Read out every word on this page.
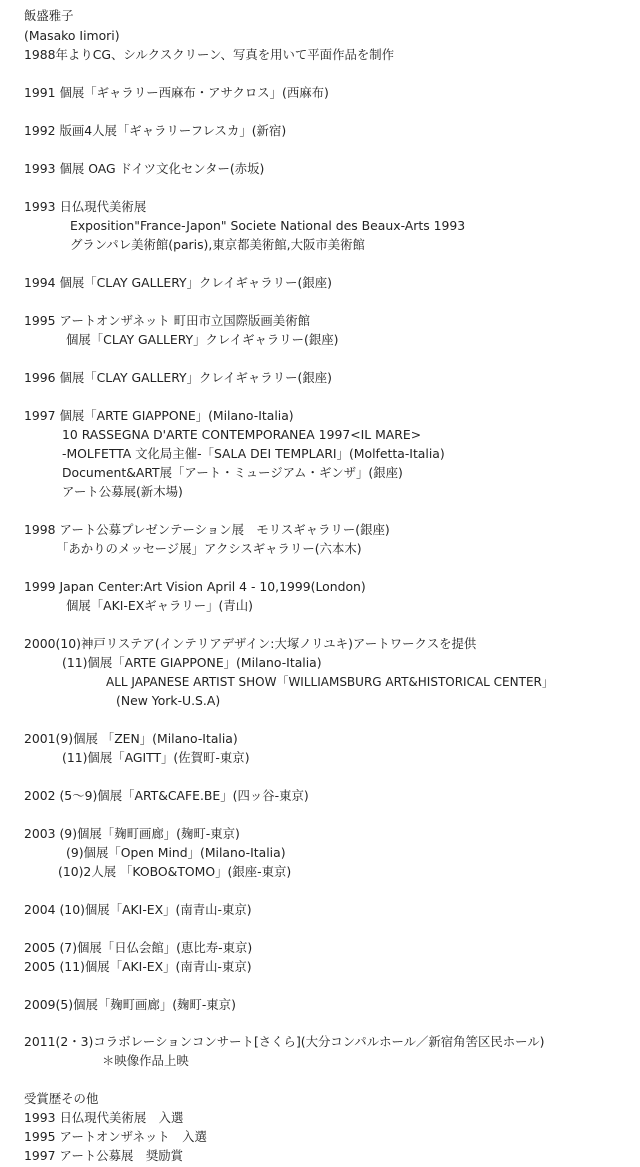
飯盛雅子
(Masako Iimori)
1988年よりCG、シルクスクリーン、写真を用いて平面作品を制作
1991 個展「ギャラリー西麻布・アサクロス」(西麻布)
1992 版画4人展「ギャラリーフレスカ」(新宿)
1993 個展 OAG ドイツ文化センター(赤坂)
1993 日仏現代美術展
Exposition"France-Japon" Societe National des Beaux-Arts 1993
グランパレ美術館(paris),東京都美術館,大阪市美術館
1994 個展「CLAY GALLERY」クレイギャラリー(銀座)
1995 アートオンザネット 町田市立国際版画美術館
個展「CLAY GALLERY」クレイギャラリー(銀座)
1996 個展「CLAY GALLERY」クレイギャラリー(銀座)
1997 個展「ARTE GIAPPONE」(Milano-Italia)
10 RASSEGNA D'ARTE CONTEMPORANEA 1997<IL MARE>
-MOLFETTA 文化局主催-「SALA DEI TEMPLARI」(Molfetta-Italia)
Document&ART展「アート・ミュージアム・ギンザ」(銀座)
アート公募展(新木場)
1998 アート公募プレゼンテーション展　モリスギャラリー(銀座)
「あかりのメッセージ展」アクシスギャラリー(六本木)
1999 Japan Center:Art Vision April 4 - 10,1999(London)
個展「AKI-EXギャラリー」(青山)
2000(10)神戸リステア(インテリアデザイン:大塚ノリユキ)アートワークスを提供
(11)個展「ARTE GIAPPONE」(Milano-Italia)
ALL JAPANESE ARTIST SHOW「WILLIAMSBURG ART&HISTORICAL CENTER」
(New York-U.S.A)
2001(9)個展 「ZEN」(Milano-Italia)
(11)個展「AGITT」(佐賀町-東京)
2002 (5～9)個展「ART&CAFE.BE」(四ッ谷-東京)
2003 (9)個展「麹町画廊」(麹町-東京)
(9)個展「Open Mind」(Milano-Italia)
(10)2人展 「KOBO&TOMO」(銀座-東京)
2004 (10)個展「AKI-EX」(南青山-東京)
2005 (7)個展「日仏会館」(恵比寿-東京)
2005 (11)個展「AKI-EX」(南青山-東京)
2009(5)個展「麹町画廊」(麹町-東京)
2011(2・3)コラボレーションコンサート[さくら](大分コンパルホール／新宿角筈区民ホール)
＊映像作品上映
受賞歴その他
1993 日仏現代美術展　入選
1995 アートオンザネット　入選
1997 アート公募展　奨励賞
